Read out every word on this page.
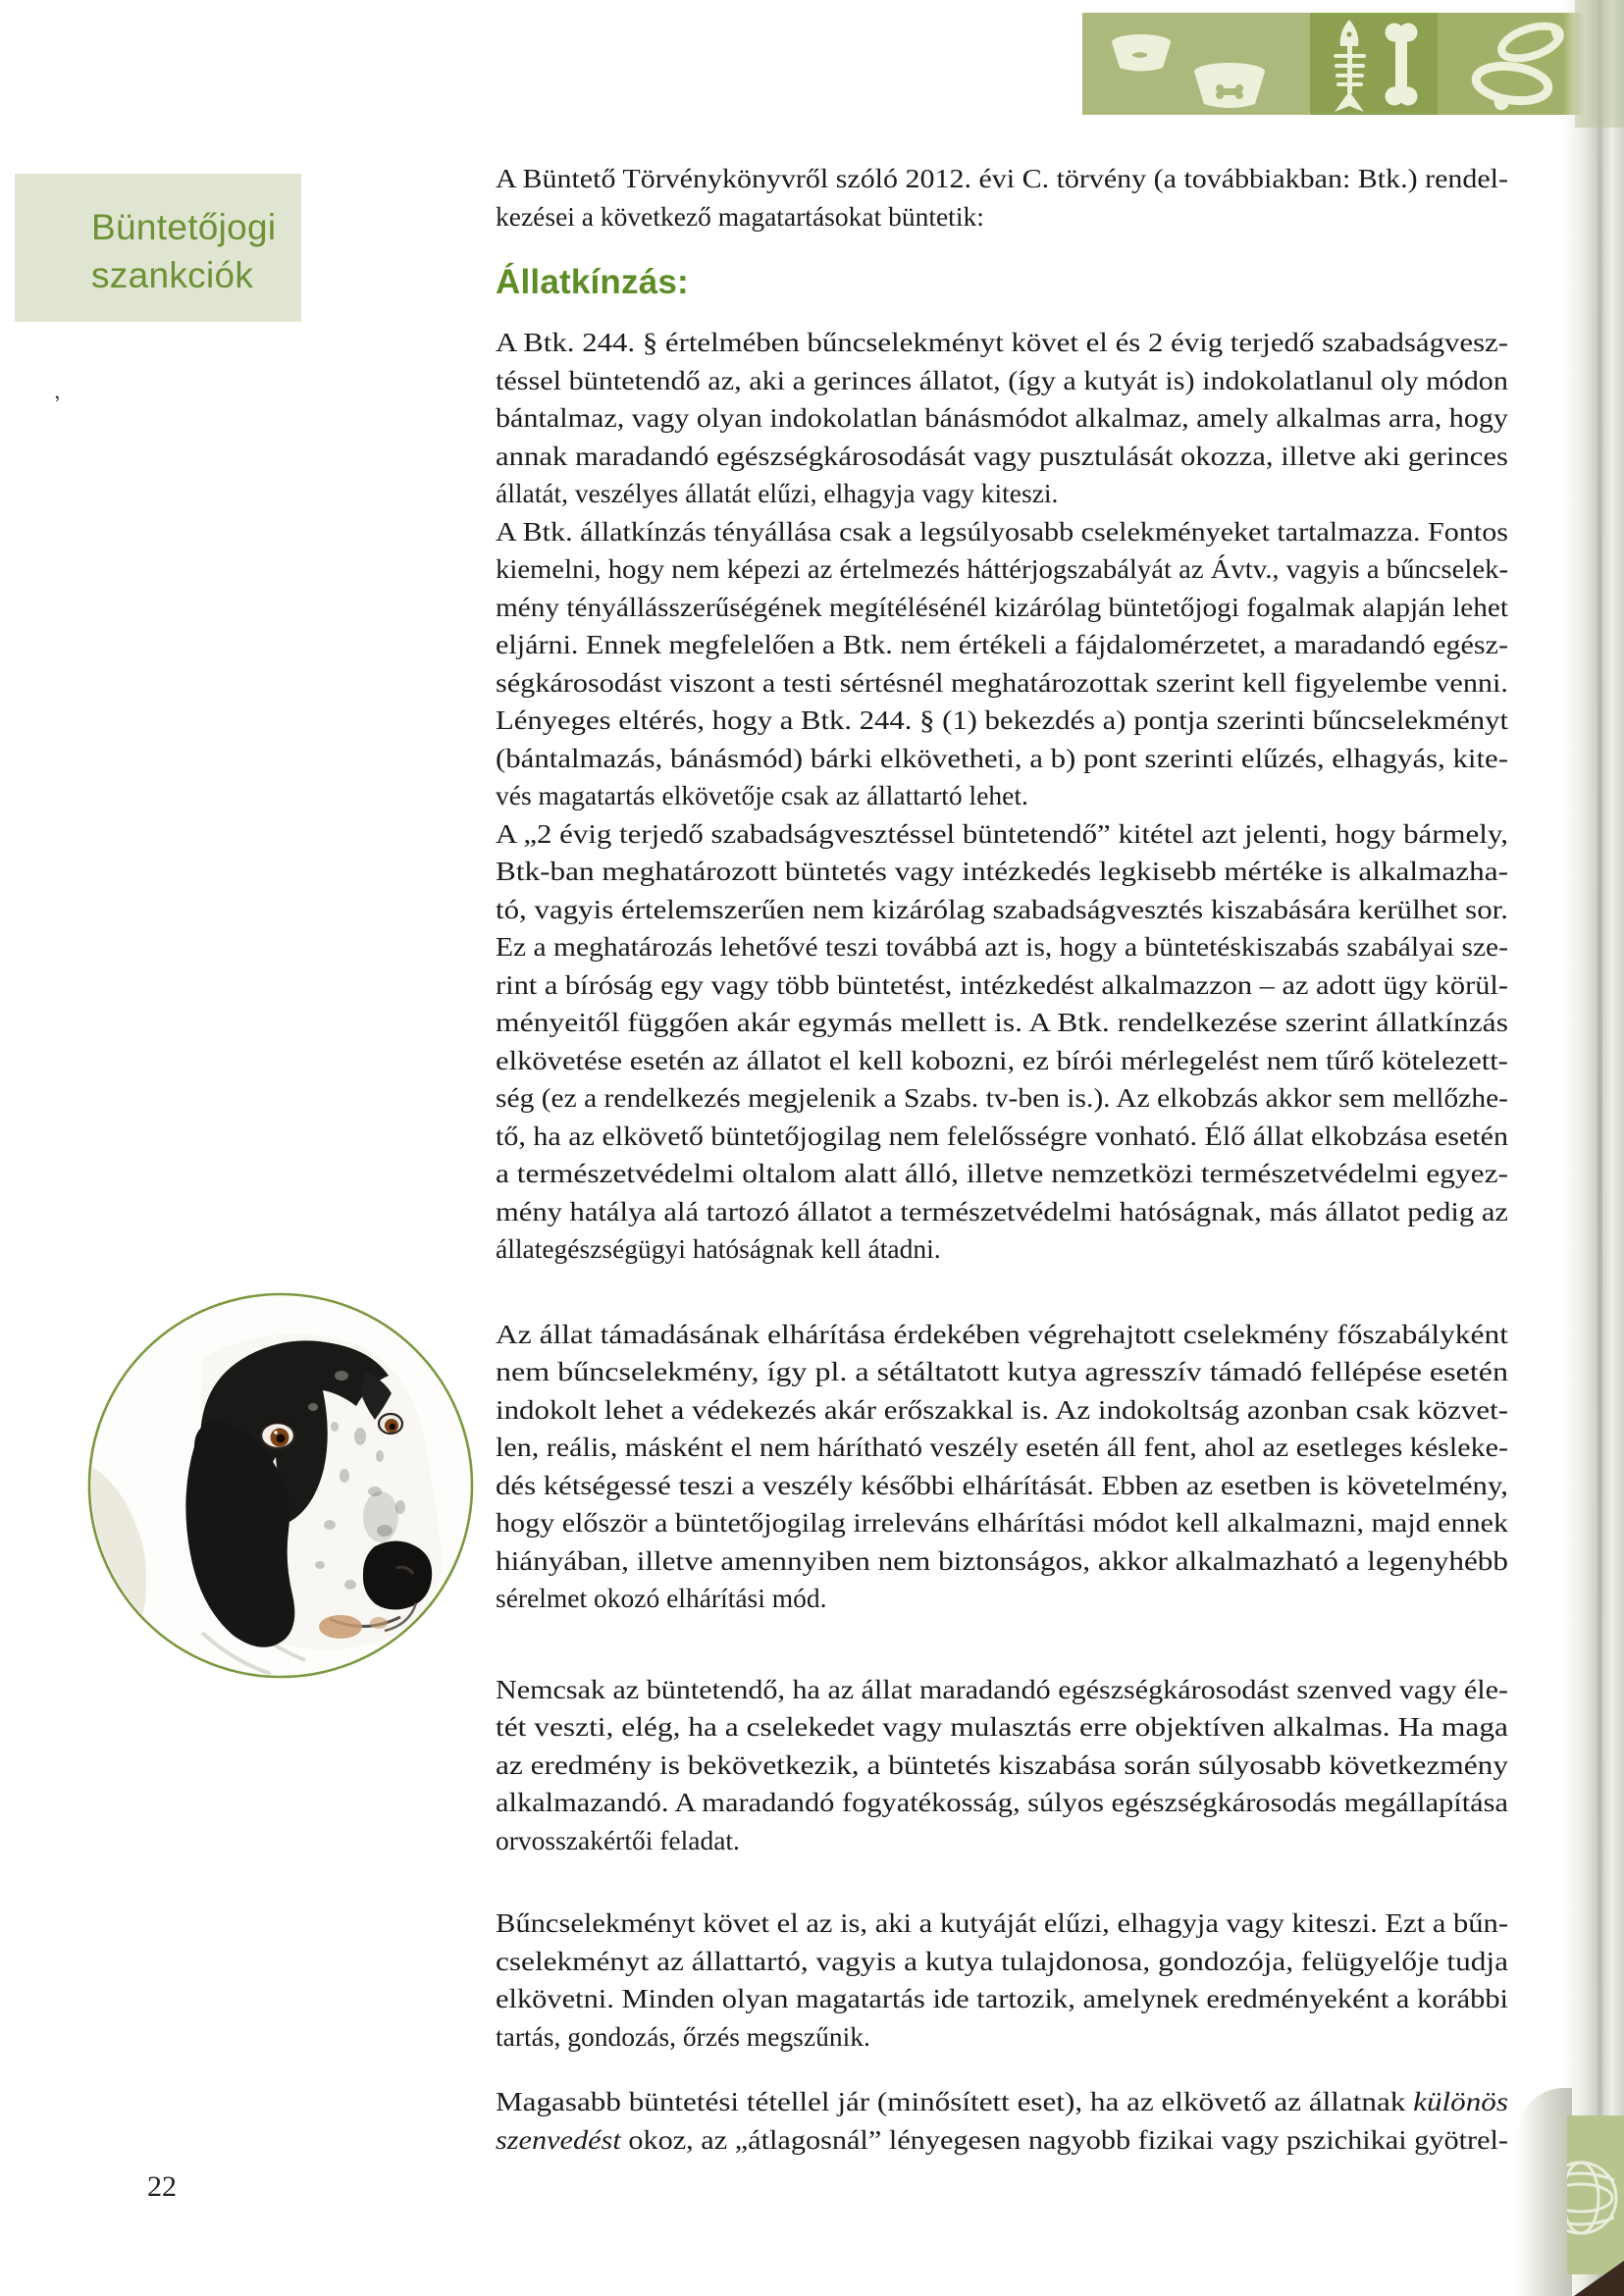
Büntetőjogi
szankciók
’
A Büntető Törvénykönyvről szóló 2012. évi C. törvény (a továbbiakban: Btk.) rendel-
kezései a következő magatartásokat büntetik:
Állatkínzás:
A Btk. 244. § értelmében bűncselekményt követ el és 2 évig terjedő szabadságvesz-
téssel büntetendő az, aki a gerinces állatot, (így a kutyát is) indokolatlanul oly módon
bántalmaz, vagy olyan indokolatlan bánásmódot alkalmaz, amely alkalmas arra, hogy
annak maradandó egészségkárosodását vagy pusztulását okozza, illetve aki gerinces
állatát, veszélyes állatát elűzi, elhagyja vagy kiteszi.
A Btk. állatkínzás tényállása csak a legsúlyosabb cselekményeket tartalmazza. Fontos
kiemelni, hogy nem képezi az értelmezés háttérjogszabályát az Ávtv., vagyis a bűncselek-
mény tényállásszerűségének megítélésénél kizárólag büntetőjogi fogalmak alapján lehet
eljárni. Ennek megfelelően a Btk. nem értékeli a fájdalomérzetet, a maradandó egész-
ségkárosodást viszont a testi sértésnél meghatározottak szerint kell figyelembe venni.
Lényeges eltérés, hogy a Btk. 244. § (1) bekezdés a) pontja szerinti bűncselekményt
(bántalmazás, bánásmód) bárki elkövetheti, a b) pont szerinti elűzés, elhagyás, kite-
vés magatartás elkövetője csak az állattartó lehet.
A „2 évig terjedő szabadságvesztéssel büntetendő” kitétel azt jelenti, hogy bármely,
Btk-ban meghatározott büntetés vagy intézkedés legkisebb mértéke is alkalmazha-
tó, vagyis értelemszerűen nem kizárólag szabadságvesztés kiszabására kerülhet sor.
Ez a meghatározás lehetővé teszi továbbá azt is, hogy a büntetéskiszabás szabályai sze-
rint a bíróság egy vagy több büntetést, intézkedést alkalmazzon – az adott ügy körül-
ményeitől függően akár egymás mellett is. A Btk. rendelkezése szerint állatkínzás
elkövetése esetén az állatot el kell kobozni, ez bírói mérlegelést nem tűrő kötelezett-
ség (ez a rendelkezés megjelenik a Szabs. tv-ben is.). Az elkobzás akkor sem mellőzhe-
tő, ha az elkövető büntetőjogilag nem felelősségre vonható. Élő állat elkobzása esetén
a természetvédelmi oltalom alatt álló, illetve nemzetközi természetvédelmi egyez-
mény hatálya alá tartozó állatot a természetvédelmi hatóságnak, más állatot pedig az
állategészségügyi hatóságnak kell átadni.
Az állat támadásának elhárítása érdekében végrehajtott cselekmény főszabályként
nem bűncselekmény, így pl. a sétáltatott kutya agresszív támadó fellépése esetén
indokolt lehet a védekezés akár erőszakkal is. Az indokoltság azonban csak közvet-
len, reális, másként el nem hárítható veszély esetén áll fent, ahol az esetleges késleke-
dés kétségessé teszi a veszély későbbi elhárítását. Ebben az esetben is követelmény,
hogy először a büntetőjogilag irreleváns elhárítási módot kell alkalmazni, majd ennek
hiányában, illetve amennyiben nem biztonságos, akkor alkalmazható a legenyhébb
sérelmet okozó elhárítási mód.
Nemcsak az büntetendő, ha az állat maradandó egészségkárosodást szenved vagy éle-
tét veszti, elég, ha a cselekedet vagy mulasztás erre objektíven alkalmas. Ha maga
az eredmény is bekövetkezik, a büntetés kiszabása során súlyosabb következmény
alkalmazandó. A maradandó fogyatékosság, súlyos egészségkárosodás megállapítása
orvosszakértői feladat.
Bűncselekményt követ el az is, aki a kutyáját elűzi, elhagyja vagy kiteszi. Ezt a bűn-
cselekményt az állattartó, vagyis a kutya tulajdonosa, gondozója, felügyelője tudja
elkövetni. Minden olyan magatartás ide tartozik, amelynek eredményeként a korábbi
tartás, gondozás, őrzés megszűnik.
Magasabb büntetési tétellel jár (minősített eset), ha az elkövető az állatnak különös
szenvedést okoz, az „átlagosnál” lényegesen nagyobb fizikai vagy pszichikai gyötrel-
22
